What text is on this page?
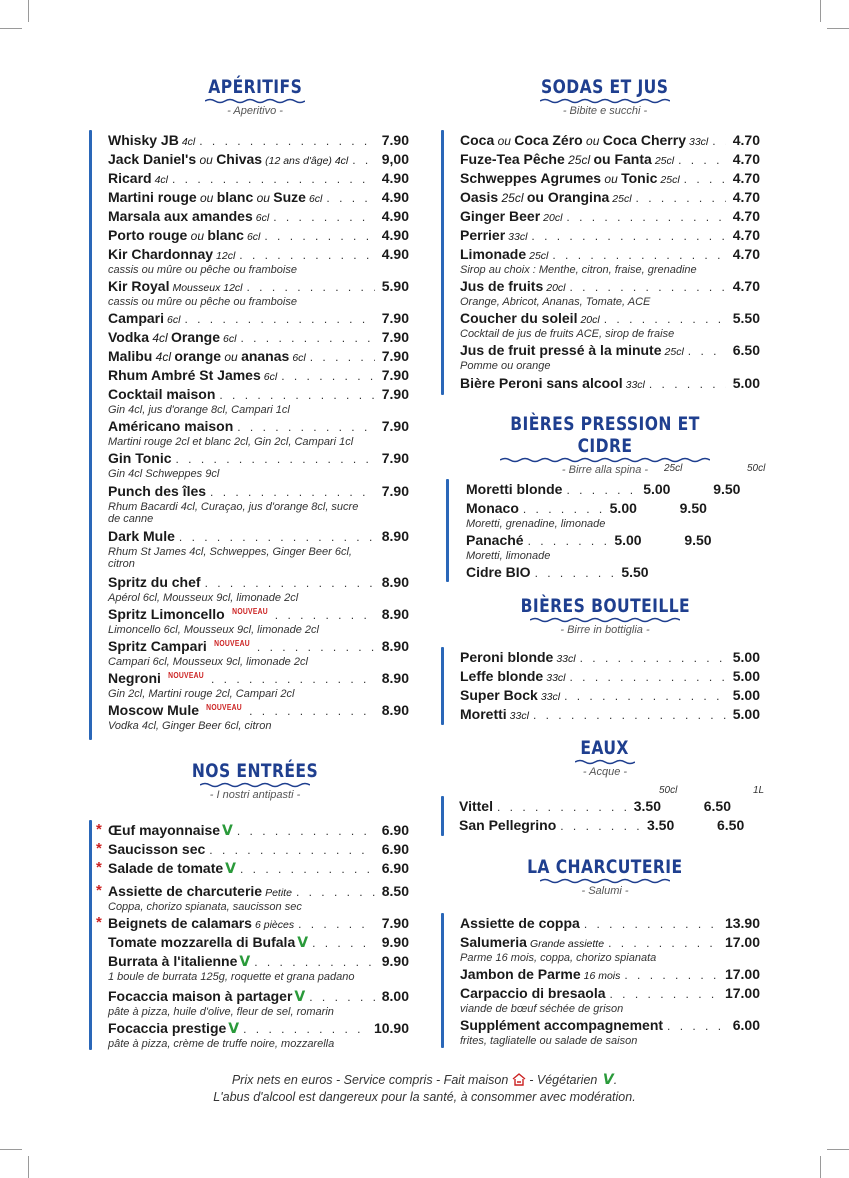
APÉRITIFS
- Aperitivo -
SODAS ET JUS
- Bibite e succhi -
BIÈRES PRESSION ET CIDRE
- Birre alla spina -
BIÈRES BOUTEILLE
- Birre in bottiglia -
EAUX
- Acque -
NOS ENTRÉES
- I nostri antipasti -
LA CHARCUTERIE
- Salumi -
25cl	50cl
50cl	1L
Whisky JB 4cl . . .	7.90
Jack Daniel's ou Chivas (12 ans d'âge) 4cl . . . 9,00
Ricard 4cl . . .	4.90
Martini rouge ou blanc ou Suze 6cl . . .	4.90
Marsala aux amandes 6cl . . .	4.90
Porto rouge ou blanc 6cl . . .	4.90
Kir Chardonnay 12cl . . .	4.90
cassis ou mûre ou pêche ou framboise
Kir Royal Mousseux 12cl . . .	5.90
cassis ou mûre ou pêche ou framboise
Campari 6cl . . .	7.90
Vodka 4cl Orange 6cl . . .	7.90
Malibu 4cl orange ou ananas 6cl . . .	7.90
Rhum Ambré St James 6cl . . .	7.90
Cocktail maison . . .	7.90
Gin 4cl, jus d'orange 8cl, Campari 1cl
Américano maison . . .	7.90
Martini rouge 2cl et blanc 2cl, Gin 2cl, Campari 1cl
Gin Tonic . . .	7.90
Gin 4cl Schweppes 9cl
Punch des îles . . .	7.90
Rhum Bacardi 4cl, Curaçao, jus d'orange 8cl, sucre de canne
Dark Mule . . .	8.90
Rhum St James 4cl, Schweppes, Ginger Beer 6cl, citron
Spritz du chef . . .	8.90
Apérol 6cl, Mousseux 9cl, limonade 2cl
Spritz Limoncello NOUVEAU . . .	8.90
Limoncello 6cl, Mousseux 9cl, limonade 2cl
Spritz Campari NOUVEAU . . .	8.90
Campari 6cl, Mousseux 9cl, limonade 2cl
Negroni NOUVEAU . . .	8.90
Gin 2cl, Martini rouge 2cl, Campari 2cl
Moscow Mule NOUVEAU . . .	8.90
Vodka 4cl, Ginger Beer 6cl, citron
* Œuf mayonnaise V . . .	6.90
* Saucisson sec . . .	6.90
* Salade de tomate V . . .	6.90
* Assiette de charcuterie Petite . . .	8.50
Coppa, chorizo spianata, saucisson sec
* Beignets de calamars 6 pièces . . .	7.90
Tomate mozzarella di Bufala V . . .	9.90
Burrata à l'italienne V . . .	9.90
1 boule de burrata 125g, roquette et grana padano
Focaccia maison à partager V . . .	8.00
pâte à pizza, huile d'olive, fleur de sel, romarin
Focaccia prestige V . . .	10.90
pâte à pizza, crème de truffe noire, mozzarella
Coca ou Coca Zéro ou Coca Cherry 33cl . . . 4.70
Fuze-Tea Pêche 25cl ou Fanta 25cl . . .	4.70
Schweppes Agrumes ou Tonic 25cl . . .	4.70
Oasis 25cl ou Orangina 25cl . . .	4.70
Ginger Beer 20cl . . .	4.70
Perrier 33cl . . .	4.70
Limonade 25cl . . .	4.70
Sirop au choix : Menthe, citron, fraise, grenadine
Jus de fruits 20cl . . .	4.70
Orange, Abricot, Ananas, Tomate, ACE
Coucher du soleil 20cl . . .	5.50
Cocktail de jus de fruits ACE, sirop de fraise
Jus de fruit pressé à la minute 25cl . . .	6.50
Pomme ou orange
Bière Peroni sans alcool 33cl . . .	5.00
Moretti blonde . . .	5.00	9.50
Monaco . . .	5.00	9.50
Moretti, grenadine, limonade
Panaché . . .	5.00	9.50
Moretti, limonade
Cidre BIO . . .	5.50
Peroni blonde 33cl . . .	5.00
Leffe blonde 33cl . . .	5.00
Super Bock 33cl . . .	5.00
Moretti 33cl . . .	5.00
Vittel . . .	3.50	6.50
San Pellegrino . . .	3.50	6.50
Assiette de coppa . . .	13.90
Salumeria Grande assiette . . .	17.00
Parme 16 mois, coppa, chorizo spianata
Jambon de Parme 16 mois . . .	17.00
Carpaccio di bresaola . . .	17.00
viande de bœuf séchée de grison
Supplément accompagnement . . .	6.00
frites, tagliatelle ou salade de saison
Prix nets en euros - Service compris - Fait maison  - Végétarien V.
L'abus d'alcool est dangereux pour la santé, à consommer avec modération.
